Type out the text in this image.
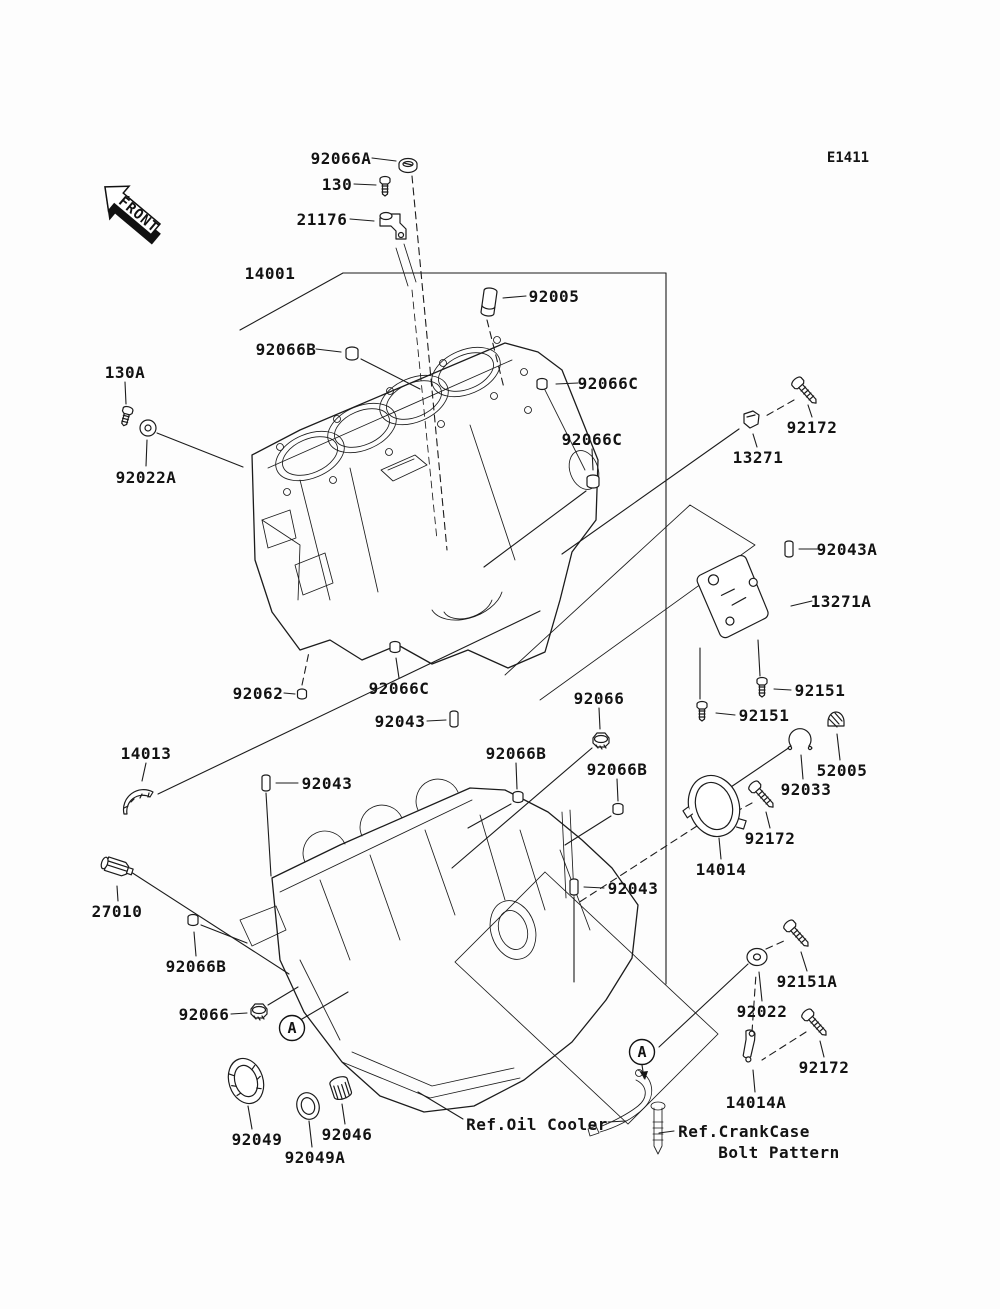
FRONT
E1411
92066A
130
21176
14001
92005
92066B
130A
92022A
92066C
92066C
92172
13271
92043A
13271A
92151
92151
52005
92033
92062	92066C
92043
92066
92066B
92066B
14013
92043
27010
92066B
92066
92049
92049A
92046
92043
14014
92172
92022
92151A
92172
14014A
Ref.Oil Cooler	Ref.CrankCase
Bolt Pattern
A
A
